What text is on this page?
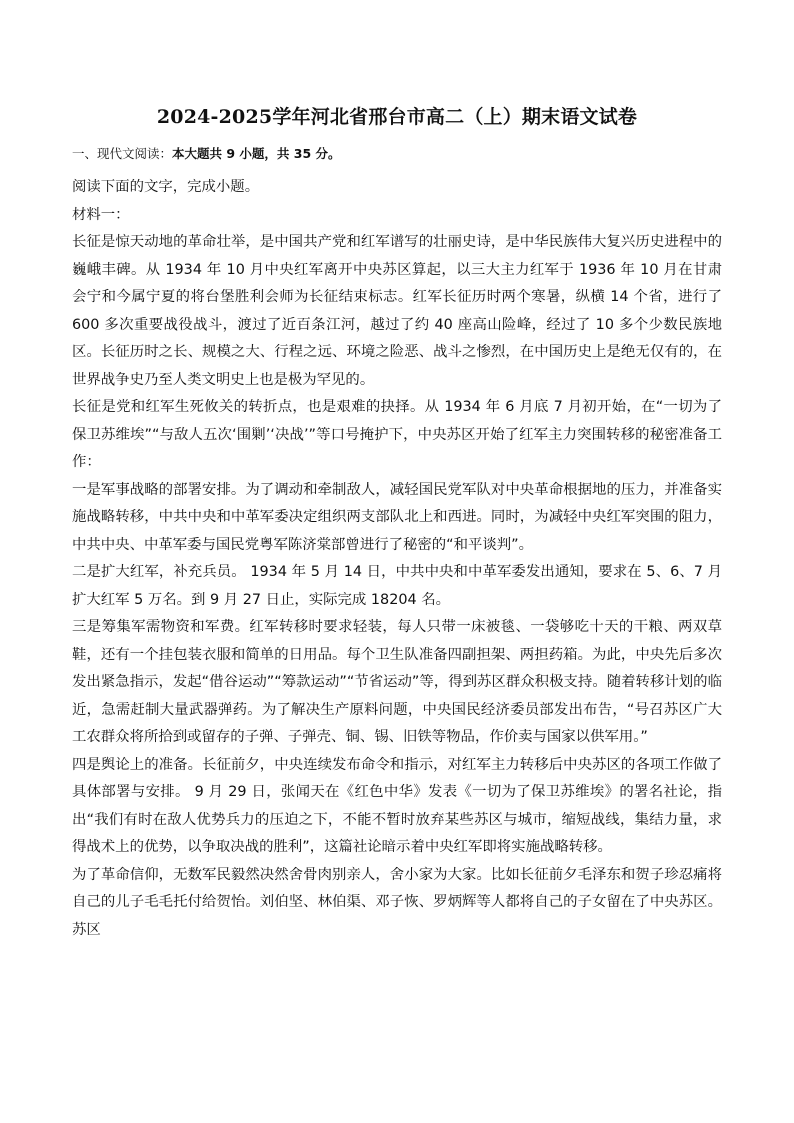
2024-2025学年河北省邢台市高二（上）期末语文试卷
一、现代文阅读：本大题共 9 小题，共 35 分。

阅读下面的文字，完成小题。

材料一：

长征是惊天动地的革命壮举，是中国共产党和红军谱写的壮丽史诗，是中华民族伟大复兴历史进程中的巍峨丰碑。从 1934 年 10 月中央红军离开中央苏区算起，以三大主力红军于 1936 年 10 月在甘肃会宁和今属宁夏的将台堡胜利会师为长征结束标志。红军长征历时两个寒暑，纵横 14 个省，进行了 600 多次重要战役战斗，渡过了近百条江河，越过了约 40 座高山险峰，经过了 10 多个少数民族地区。长征历时之长、规模之大、行程之远、环境之险恶、战斗之惨烈，在中国历史上是绝无仅有的，在世界战争史乃至人类文明史上也是极为罕见的。

长征是党和红军生死攸关的转折点，也是艰难的抉择。从 1934 年 6 月底 7 月初开始，在“一切为了保卫苏维埃”“与敌人五次‘围剿’‘决战’”等口号掩护下，中央苏区开始了红军主力突围转移的秘密准备工作：

一是军事战略的部署安排。为了调动和牵制敌人，减轻国民党军队对中央革命根据地的压力，并准备实施战略转移，中共中央和中革军委决定组织两支部队北上和西进。同时，为减轻中央红军突围的阻力，中共中央、中革军委与国民党粤军陈济棠部曾进行了秘密的“和平谈判”。

二是扩大红军，补充兵员。 1934 年 5 月 14 日，中共中央和中革军委发出通知，要求在 5、6、7 月扩大红军 5 万名。到 9 月 27 日止，实际完成 18204 名。

三是筹集军需物资和军费。红军转移时要求轻装，每人只带一床被毯、一袋够吃十天的干粮、两双草鞋，还有一个挂包装衣服和简单的日用品。每个卫生队准备四副担架、两担药箱。为此，中央先后多次发出紧急指示，发起“借谷运动”“筹款运动”“节省运动”等，得到苏区群众积极支持。随着转移计划的临近，急需赶制大量武器弹药。为了解决生产原料问题，中央国民经济委员部发出布告，“号召苏区广大工农群众将所拾到或留存的子弹、子弹壳、铜、锡、旧铁等物品，作价卖与国家以供军用。”

四是舆论上的准备。长征前夕，中央连续发布命令和指示，对红军主力转移后中央苏区的各项工作做了具体部署与安排。 9 月 29 日，张闻天在《红色中华》发表《一切为了保卫苏维埃》的署名社论，指出“我们有时在敌人优势兵力的压迫之下，不能不暂时放弃某些苏区与城市，缩短战线，集结力量，求得战术上的优势，以争取决战的胜利”，这篇社论暗示着中央红军即将实施战略转移。

为了革命信仰，无数军民毅然决然舍骨肉别亲人，舍小家为大家。比如长征前夕毛泽东和贺子珍忍痛将自己的儿子毛毛托付给贺怡。刘伯坚、林伯渠、邓子恢、罗炳辉等人都将自己的子女留在了中央苏区。苏区
